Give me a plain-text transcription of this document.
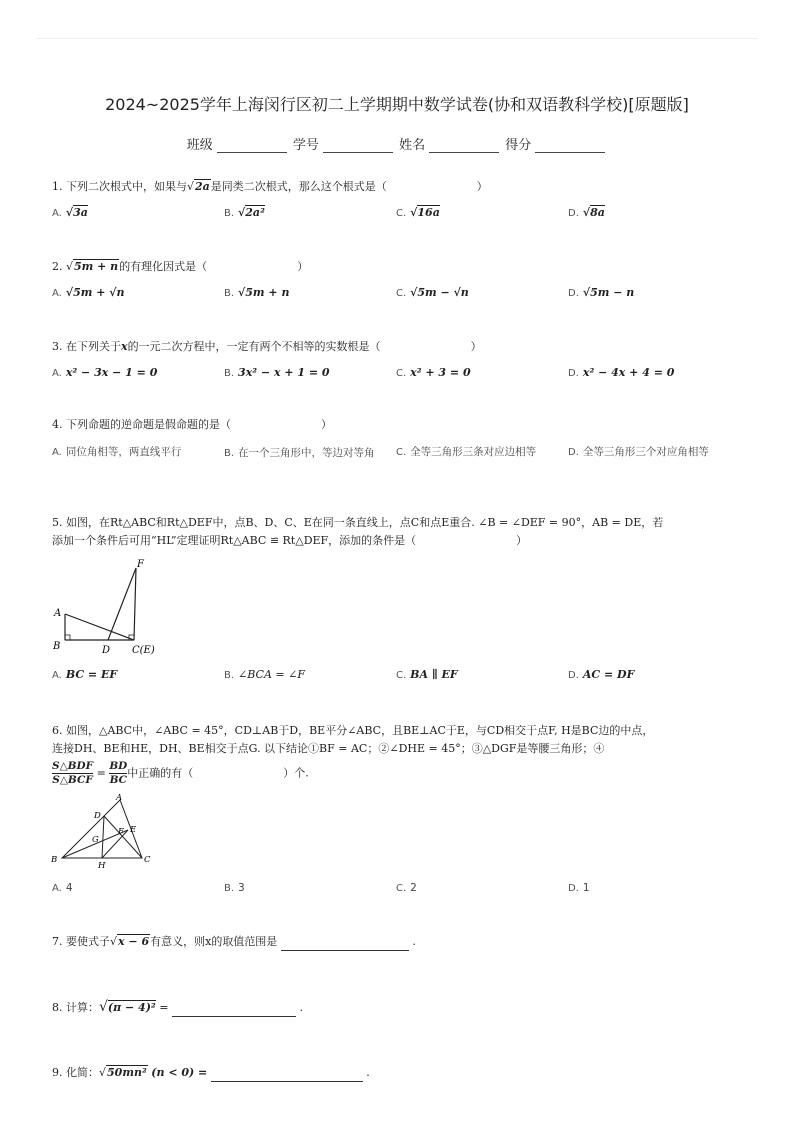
2024~2025学年上海闵行区初二上学期期中数学试卷(协和双语教科学校)[原题版]
班级	学号	姓名	得分
1. 下列二次根式中，如果与√2a是同类二次根式，那么这个根式是（	）
A. √3a	B. √2a²	C. √16a	D. √8a
2. √5m + n的有理化因式是（	）
A. √5m + √n	B. √5m + n	C. √5m − √n	D. √5m − n
3. 在下列关于x的一元二次方程中，一定有两个不相等的实数根是（	）
A. x² − 3x − 1 = 0	B. 3x² − x + 1 = 0	C. x² + 3 = 0	D. x² − 4x + 4 = 0
4. 下列命题的逆命题是假命题的是（	）
A. 同位角相等，两直线平行	B. 在一个三角形中，等边对等角	C. 全等三角形三条对应边相等	D. 全等三角形三个对应角相等
5. 如图，在Rt△ABC和Rt△DEF中，点B、D、C、E在同一条直线上，点C和点E重合. ∠B = ∠DEF = 90°，AB = DE，若
添加一个条件后可用“HL”定理证明Rt△ABC ≌ Rt△DEF，添加的条件是（	）
F
A
B	D C(E)
A. BC = EF	B. ∠BCA = ∠F	C. BA ∥ EF	D. AC = DF
6. 如图，△ABC中，∠ABC = 45°，CD⊥AB于D，BE平分∠ABC，且BE⊥AC于E，与CD相交于点F, H是BC边的中点，
连接DH、BE和HE，DH、BE相交于点G. 以下结论①BF = AC；②∠DHE = 45°；③△DGF是等腰三角形；④
$\frac{\text{S△BDF}}{\text{S△BCF}} = \frac{BD}{BC}$ 中正确的有（	）个.
A
D
F E
G
B
H
C
A. 4	B. 3	C. 2	D. 1
7. 要使式子√x − 6有意义，则x的取值范围是	.
8. 计算：√(π − 4)² =	.
9. 化简：√50mn² (n < 0) =	.
